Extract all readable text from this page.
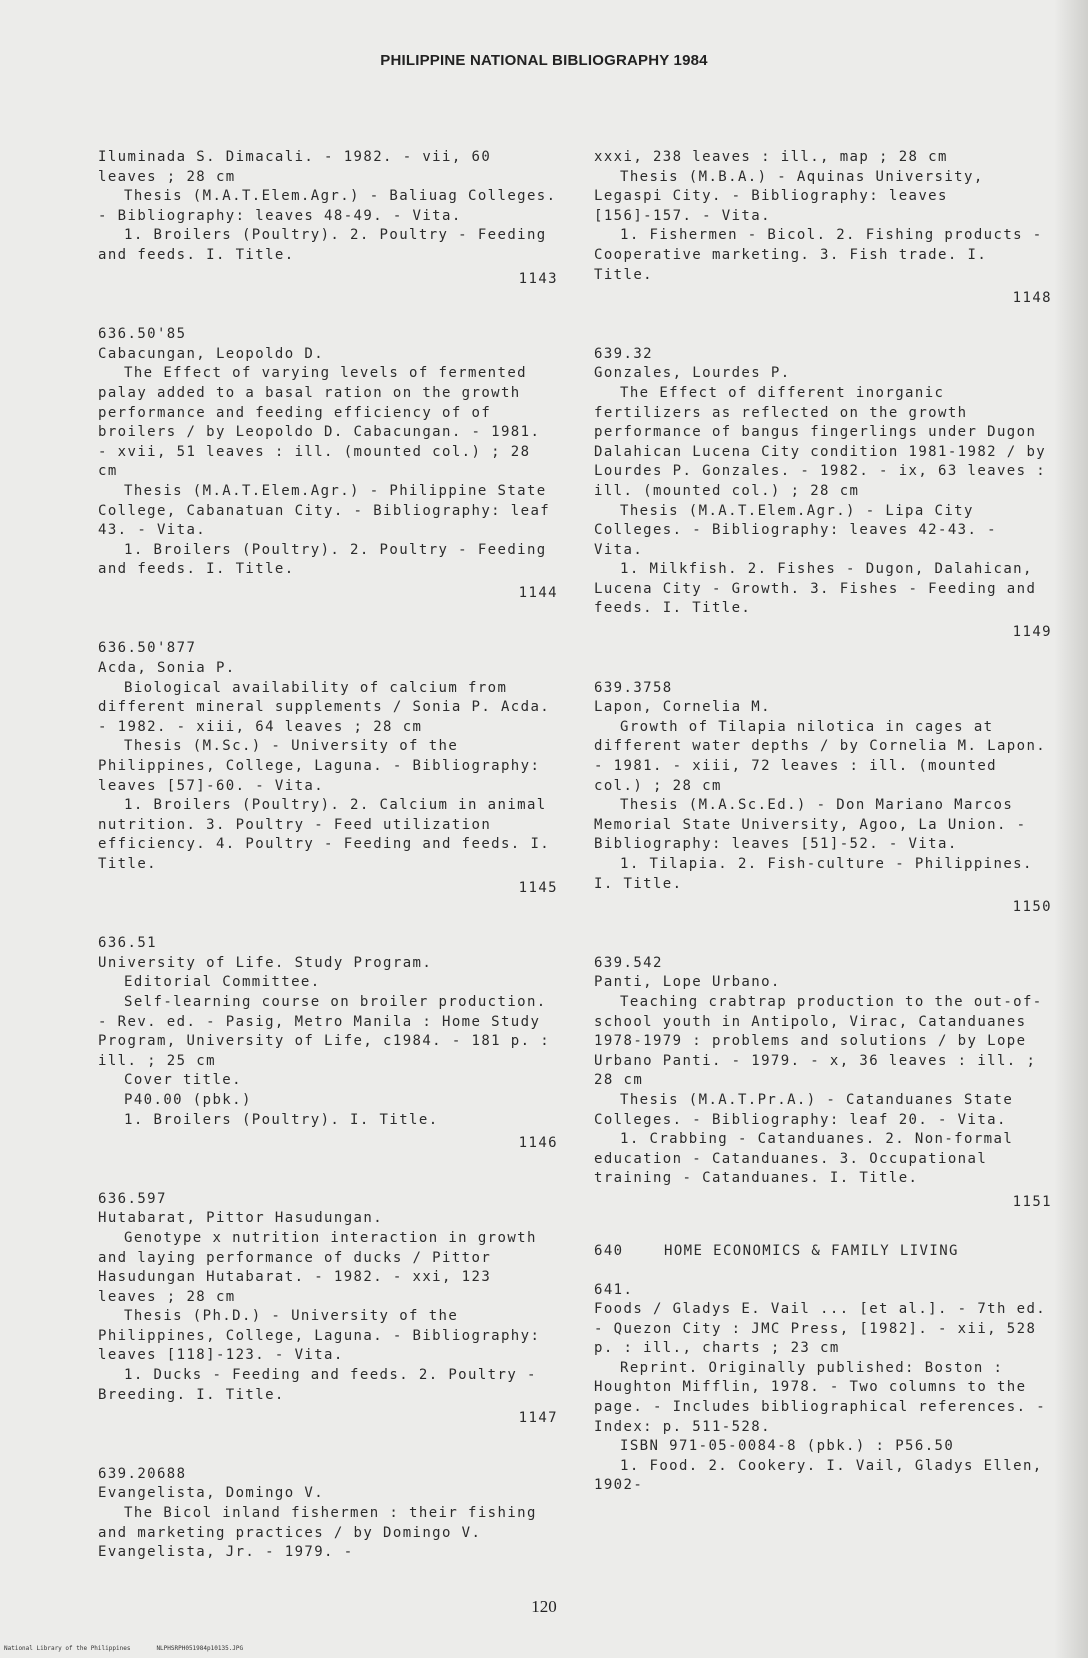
PHILIPPINE NATIONAL BIBLIOGRAPHY 1984

Iluminada S. Dimacali. - 1982. - vii, 60 leaves ; 28 cm

Thesis (M.A.T.Elem.Agr.) - Baliuag Colleges. - Bibliography: leaves 48-49. - Vita.

1. Broilers (Poultry). 2. Poultry - Feeding and feeds. I. Title.

1143

636.50'85

Cabacungan, Leopoldo D.

The Effect of varying levels of fermented palay added to a basal ration on the growth performance and feeding efficiency of of broilers / by Leopoldo D. Cabacungan. - 1981. - xvii, 51 leaves : ill. (mounted col.) ; 28 cm

Thesis (M.A.T.Elem.Agr.) - Philippine State College, Cabanatuan City. - Bibliography: leaf 43. - Vita.

1. Broilers (Poultry). 2. Poultry - Feeding and feeds. I. Title.

1144

636.50'877

Acda, Sonia P.

Biological availability of calcium from different mineral supplements / Sonia P. Acda. - 1982. - xiii, 64 leaves ; 28 cm

Thesis (M.Sc.) - University of the Philippines, College, Laguna. - Bibliography: leaves [57]-60. - Vita.

1. Broilers (Poultry). 2. Calcium in animal nutrition. 3. Poultry - Feed utilization efficiency. 4. Poultry - Feeding and feeds. I. Title.

1145

636.51

University of Life. Study Program.

Editorial Committee.

Self-learning course on broiler production. - Rev. ed. - Pasig, Metro Manila : Home Study Program, University of Life, c1984. - 181 p. : ill. ; 25 cm

Cover title.

P40.00 (pbk.)

1. Broilers (Poultry). I. Title.

1146

636.597

Hutabarat, Pittor Hasudungan.

Genotype x nutrition interaction in growth and laying performance of ducks / Pittor Hasudungan Hutabarat. - 1982. - xxi, 123 leaves ; 28 cm

Thesis (Ph.D.) - University of the Philippines, College, Laguna. - Bibliography: leaves [118]-123. - Vita.

1. Ducks - Feeding and feeds. 2. Poultry - Breeding. I. Title.

1147

639.20688

Evangelista, Domingo V.

The Bicol inland fishermen : their fishing and marketing practices / by Domingo V. Evangelista, Jr. - 1979. -

xxxi, 238 leaves : ill., map ; 28 cm

Thesis (M.B.A.) - Aquinas University, Legaspi City. - Bibliography: leaves [156]-157. - Vita.

1. Fishermen - Bicol. 2. Fishing products - Cooperative marketing. 3. Fish trade. I. Title.

1148

639.32

Gonzales, Lourdes P.

The Effect of different inorganic fertilizers as reflected on the growth performance of bangus fingerlings under Dugon Dalahican Lucena City condition 1981-1982 / by Lourdes P. Gonzales. - 1982. - ix, 63 leaves : ill. (mounted col.) ; 28 cm

Thesis (M.A.T.Elem.Agr.) - Lipa City Colleges. - Bibliography: leaves 42-43. - Vita.

1. Milkfish. 2. Fishes - Dugon, Dalahican, Lucena City - Growth. 3. Fishes - Feeding and feeds. I. Title.

1149

639.3758

Lapon, Cornelia M.

Growth of Tilapia nilotica in cages at different water depths / by Cornelia M. Lapon. - 1981. - xiii, 72 leaves : ill. (mounted col.) ; 28 cm

Thesis (M.A.Sc.Ed.) - Don Mariano Marcos Memorial State University, Agoo, La Union. - Bibliography: leaves [51]-52. - Vita.

1. Tilapia. 2. Fish-culture - Philippines. I. Title.

1150

639.542

Panti, Lope Urbano.

Teaching crabtrap production to the out-of-school youth in Antipolo, Virac, Catanduanes 1978-1979 : problems and solutions / by Lope Urbano Panti. - 1979. - x, 36 leaves : ill. ; 28 cm

Thesis (M.A.T.Pr.A.) - Catanduanes State Colleges. - Bibliography: leaf 20. - Vita.

1. Crabbing - Catanduanes. 2. Non-formal education - Catanduanes. 3. Occupational training - Catanduanes. I. Title.

1151
640	HOME ECONOMICS & FAMILY LIVING

641.

Foods / Gladys E. Vail ... [et al.]. - 7th ed. - Quezon City : JMC Press, [1982]. - xii, 528 p. : ill., charts ; 23 cm

Reprint. Originally published: Boston : Houghton Mifflin, 1978. - Two columns to the page. - Includes bibliographical references. - Index: p. 511-528.

ISBN 971-05-0084-8 (pbk.) : P56.50

1. Food. 2. Cookery. I. Vail, Gladys Ellen, 1902-

120
National Library of the Philippines	NLPHSRPH051984p10135.JPG
